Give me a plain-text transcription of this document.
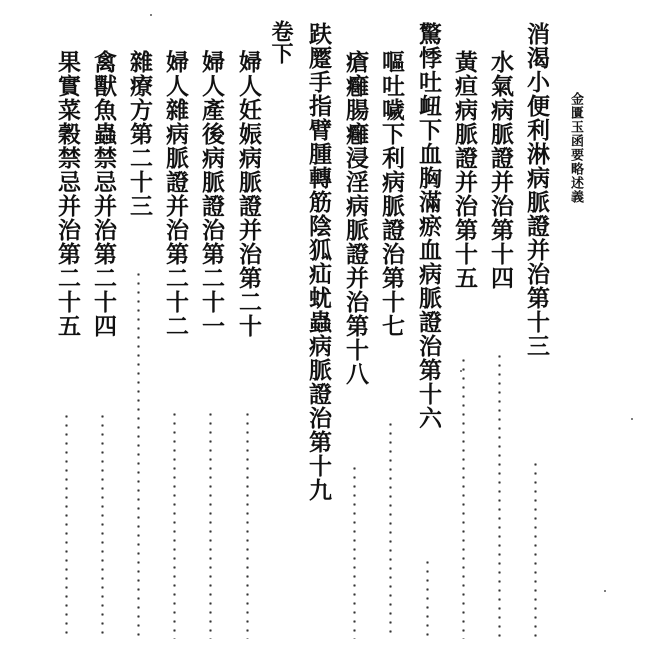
金匱玉函要略述義
消渴小便利淋病脈證并治第十三
水氣病脈證并治第十四
黃疸病脈證并治第十五
驚悸吐衄下血胸滿瘀血病脈證治第十六
嘔吐噦下利病脈證治第十七
瘡癰腸癰浸淫病脈證并治第十八
趺蹷手指臂腫轉筋陰狐疝蚘蟲病脈證治第十九
卷下
婦人妊娠病脈證并治第二十
婦人產後病脈證治第二十一
婦人雜病脈證并治第二十二
雜療方第二十三
禽獸魚蟲禁忌并治第二十四
果實菜穀禁忌并治第二十五
